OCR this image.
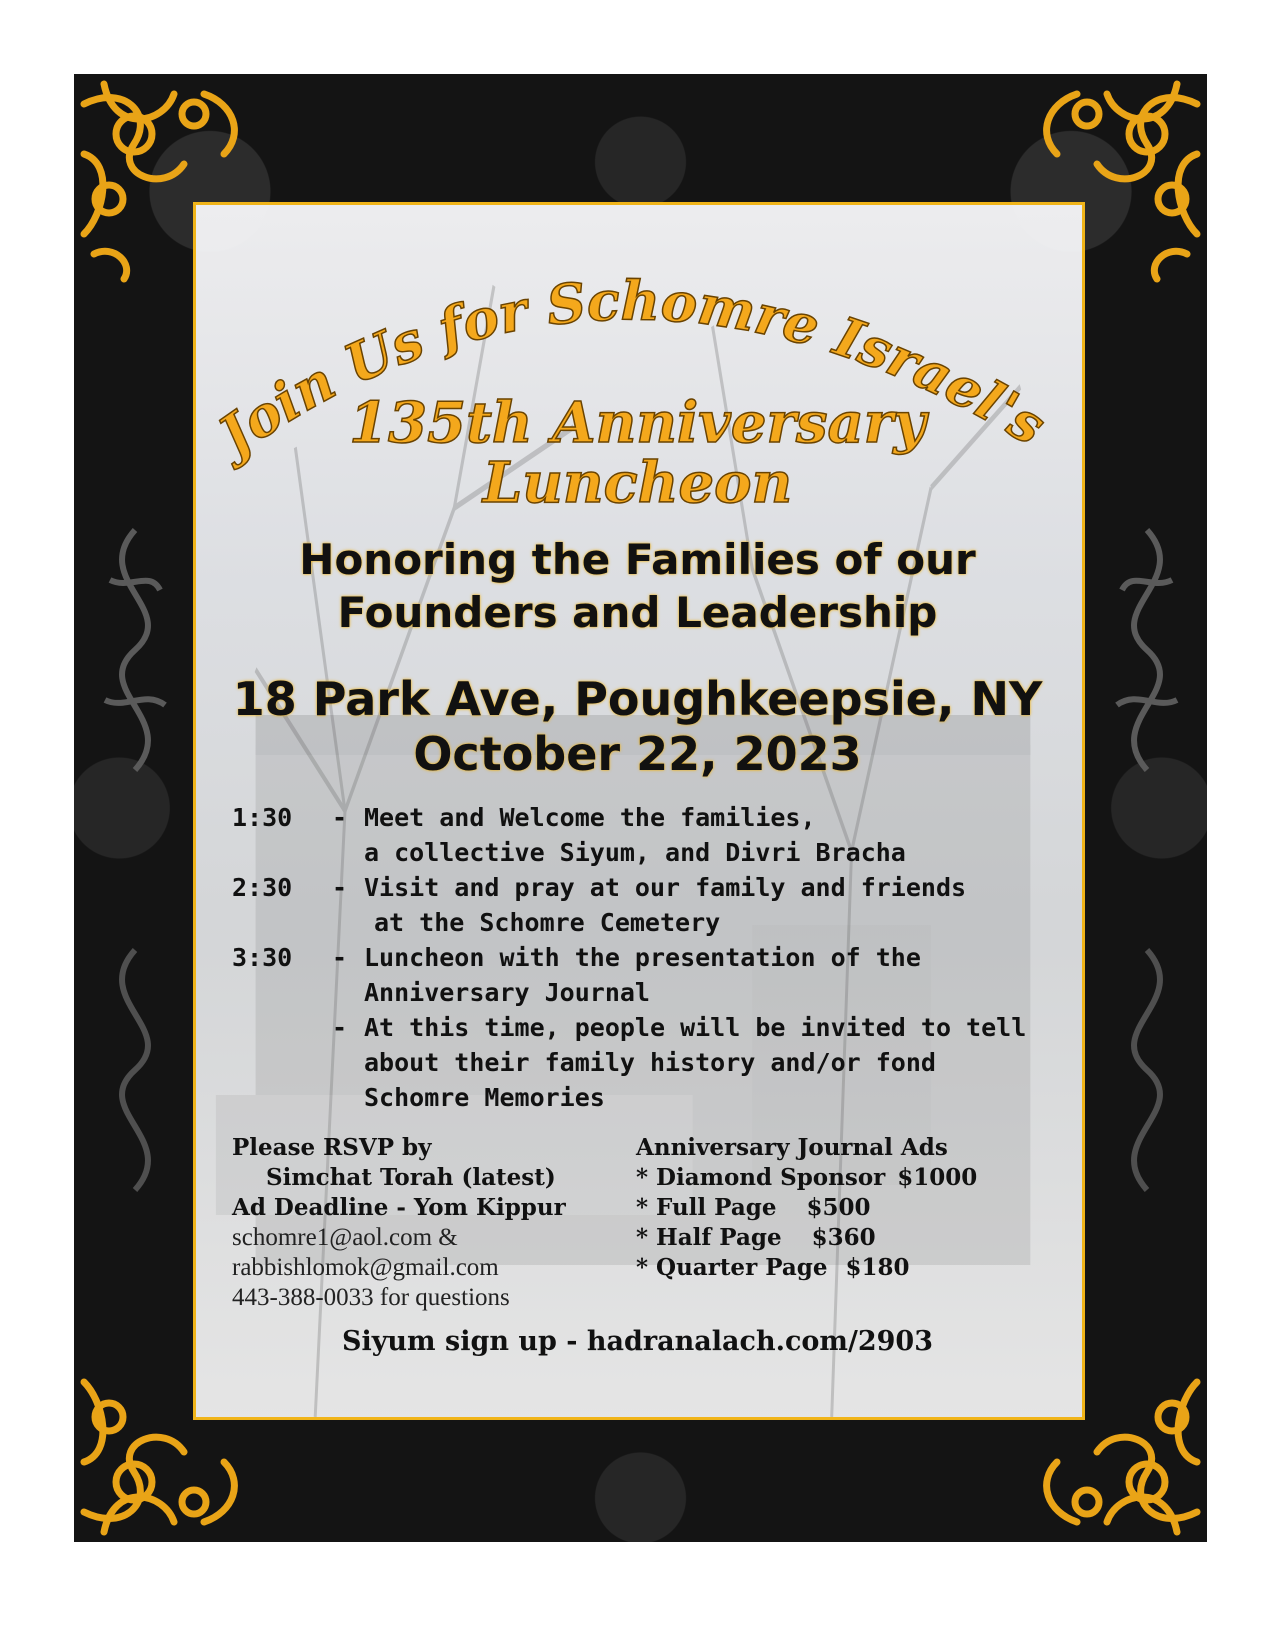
Join Us for Schomre Israel's
135th Anniversary
Luncheon
Honoring the Families of our
Founders and Leadership
18 Park Ave, Poughkeepsie, NY
October 22, 2023
1:30	- Meet and Welcome the families,
a collective Siyum, and Divri Bracha
2:30	- Visit and pray at our family and friends
at the Schomre Cemetery
3:30	- Luncheon with the presentation of the
Anniversary Journal
- At this time, people will be invited to tell
about their family history and/or fond
Schomre Memories
Please RSVP by
Simchat Torah (latest)
Ad Deadline - Yom Kippur
schomre1@aol.com &
rabbishlomok@gmail.com
443-388-0033 for questions
Anniversary Journal Ads
* Diamond Sponsor $1000
* Full Page $500
* Half Page $360
* Quarter Page $180
Siyum sign up - hadranalach.com/2903
